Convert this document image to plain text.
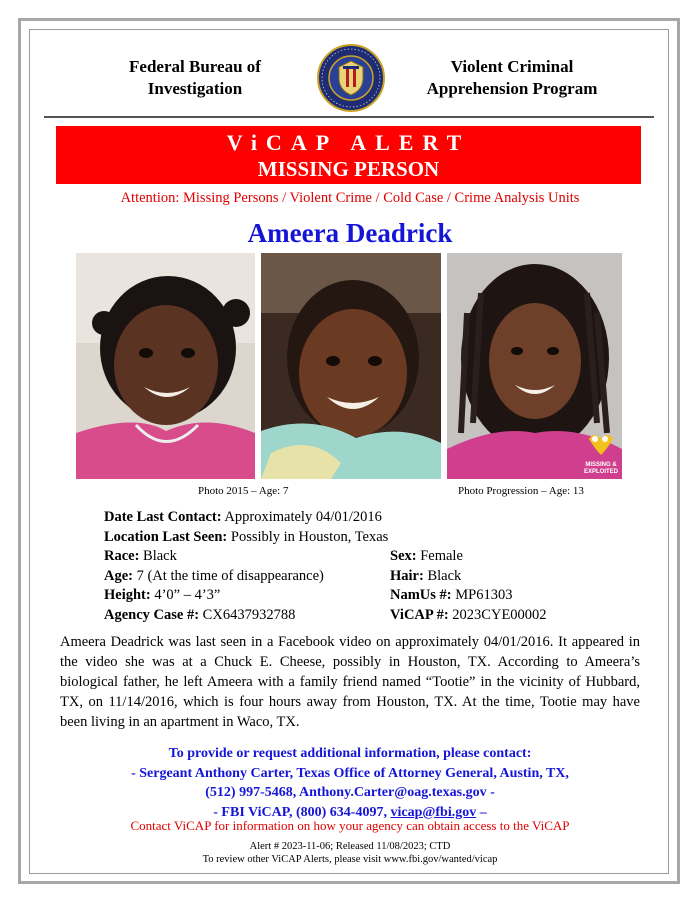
Federal Bureau of
Investigation
Violent Criminal
Apprehension Program
ViCAP ALERT
MISSING PERSON
Attention: Missing Persons / Violent Crime / Cold Case / Crime Analysis Units
Ameera Deadrick
MISSING &
EXPLOITED
Photo 2015 – Age: 7	Photo Progression – Age: 13
Date Last Contact: Approximately 04/01/2016
Location Last Seen: Possibly in Houston, Texas
Race: Black	Sex: Female
Age: 7 (At the time of disappearance)	Hair: Black
Height: 4’0” – 4’3”	NamUs #: MP61303
Agency Case #: CX6437932788	ViCAP #: 2023CYE00002
Ameera Deadrick was last seen in a Facebook video on approximately 04/01/2016. It appeared in the video she was at a Chuck E. Cheese, possibly in Houston, TX. According to Ameera’s biological father, he left Ameera with a family friend named “Tootie” in the vicinity of Hubbard, TX, on 11/14/2016, which is four hours away from Houston, TX. At the time, Tootie may have been living in an apartment in Waco, TX.
To provide or request additional information, please contact:
- Sergeant Anthony Carter, Texas Office of Attorney General, Austin, TX,
(512) 997-5468, Anthony.Carter@oag.texas.gov -
- FBI ViCAP, (800) 634-4097, vicap@fbi.gov –
Contact ViCAP for information on how your agency can obtain access to the ViCAP
Alert # 2023-11-06; Released 11/08/2023; CTD
To review other ViCAP Alerts, please visit www.fbi.gov/wanted/vicap
